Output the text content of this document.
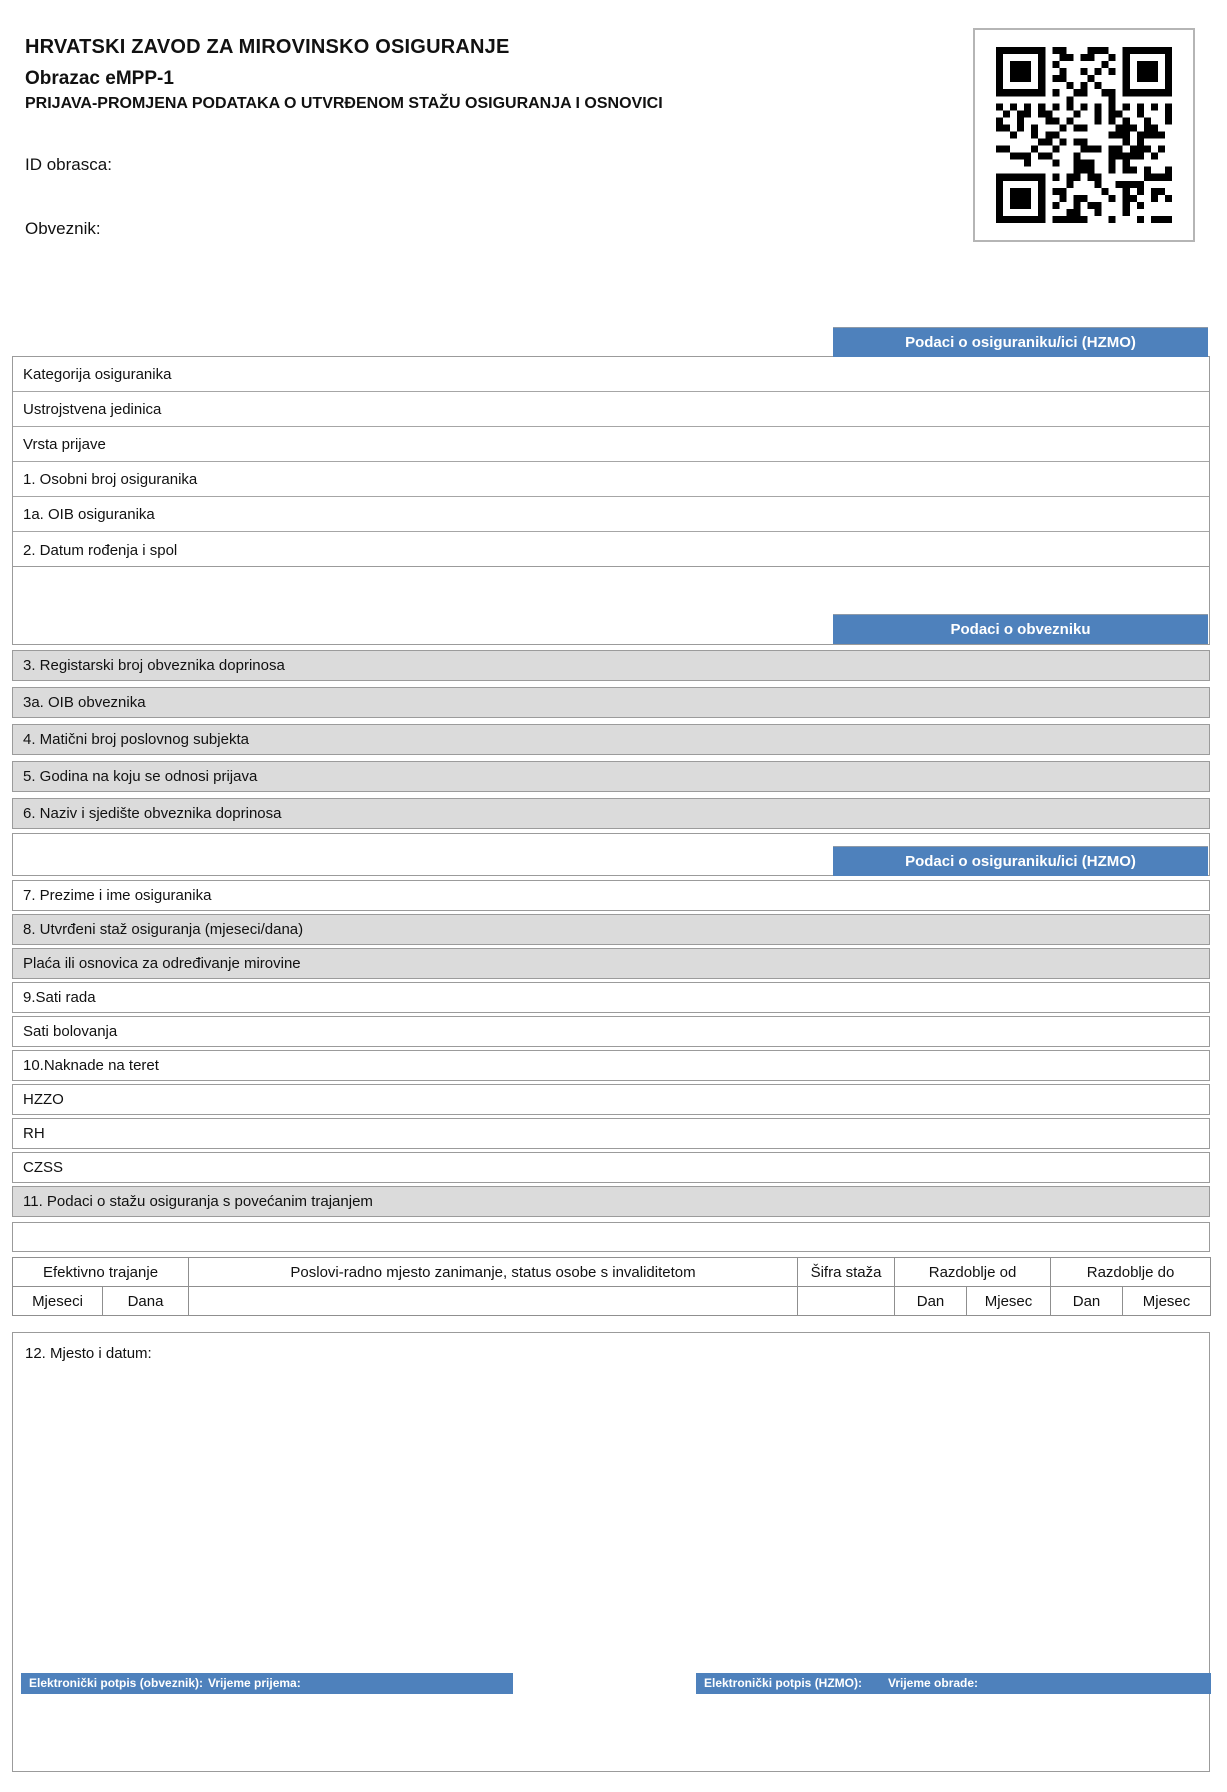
HRVATSKI ZAVOD ZA MIROVINSKO OSIGURANJE
Obrazac eMPP-1
PRIJAVA-PROMJENA PODATAKA O UTVRĐENOM STAŽU OSIGURANJA I OSNOVICI
ID obrasca:
Obveznik:
Podaci o osiguraniku/ici (HZMO)
Kategorija osiguranika
Ustrojstvena jedinica
Vrsta prijave
1. Osobni broj osiguranika
1a. OIB osiguranika
2. Datum rođenja i spol
Podaci o obvezniku
3. Registarski broj obveznika doprinosa
3a. OIB obveznika
4. Matični broj poslovnog subjekta
5. Godina na koju se odnosi prijava
6. Naziv i sjedište obveznika doprinosa
Podaci o osiguraniku/ici (HZMO)
7. Prezime i ime osiguranika
8. Utvrđeni staž osiguranja (mjeseci/dana)
Plaća ili osnovica za određivanje mirovine
9.Sati rada
Sati bolovanja
10.Naknade na teret
HZZO
RH
CZSS
11. Podaci o stažu osiguranja s povećanim trajanjem
Efektivno trajanje		Poslovi-radno mjesto zanimanje, status osobe s invaliditetom	Šifra staža	Razdoblje od		Razdoblje do	
Mjeseci	Dana			Dan	Mjesec	Dan	Mjesec
12. Mjesto i datum:
Elektronički potpis (obveznik): Vrijeme prijema:	Elektronički potpis (HZMO): Vrijeme obrade:
